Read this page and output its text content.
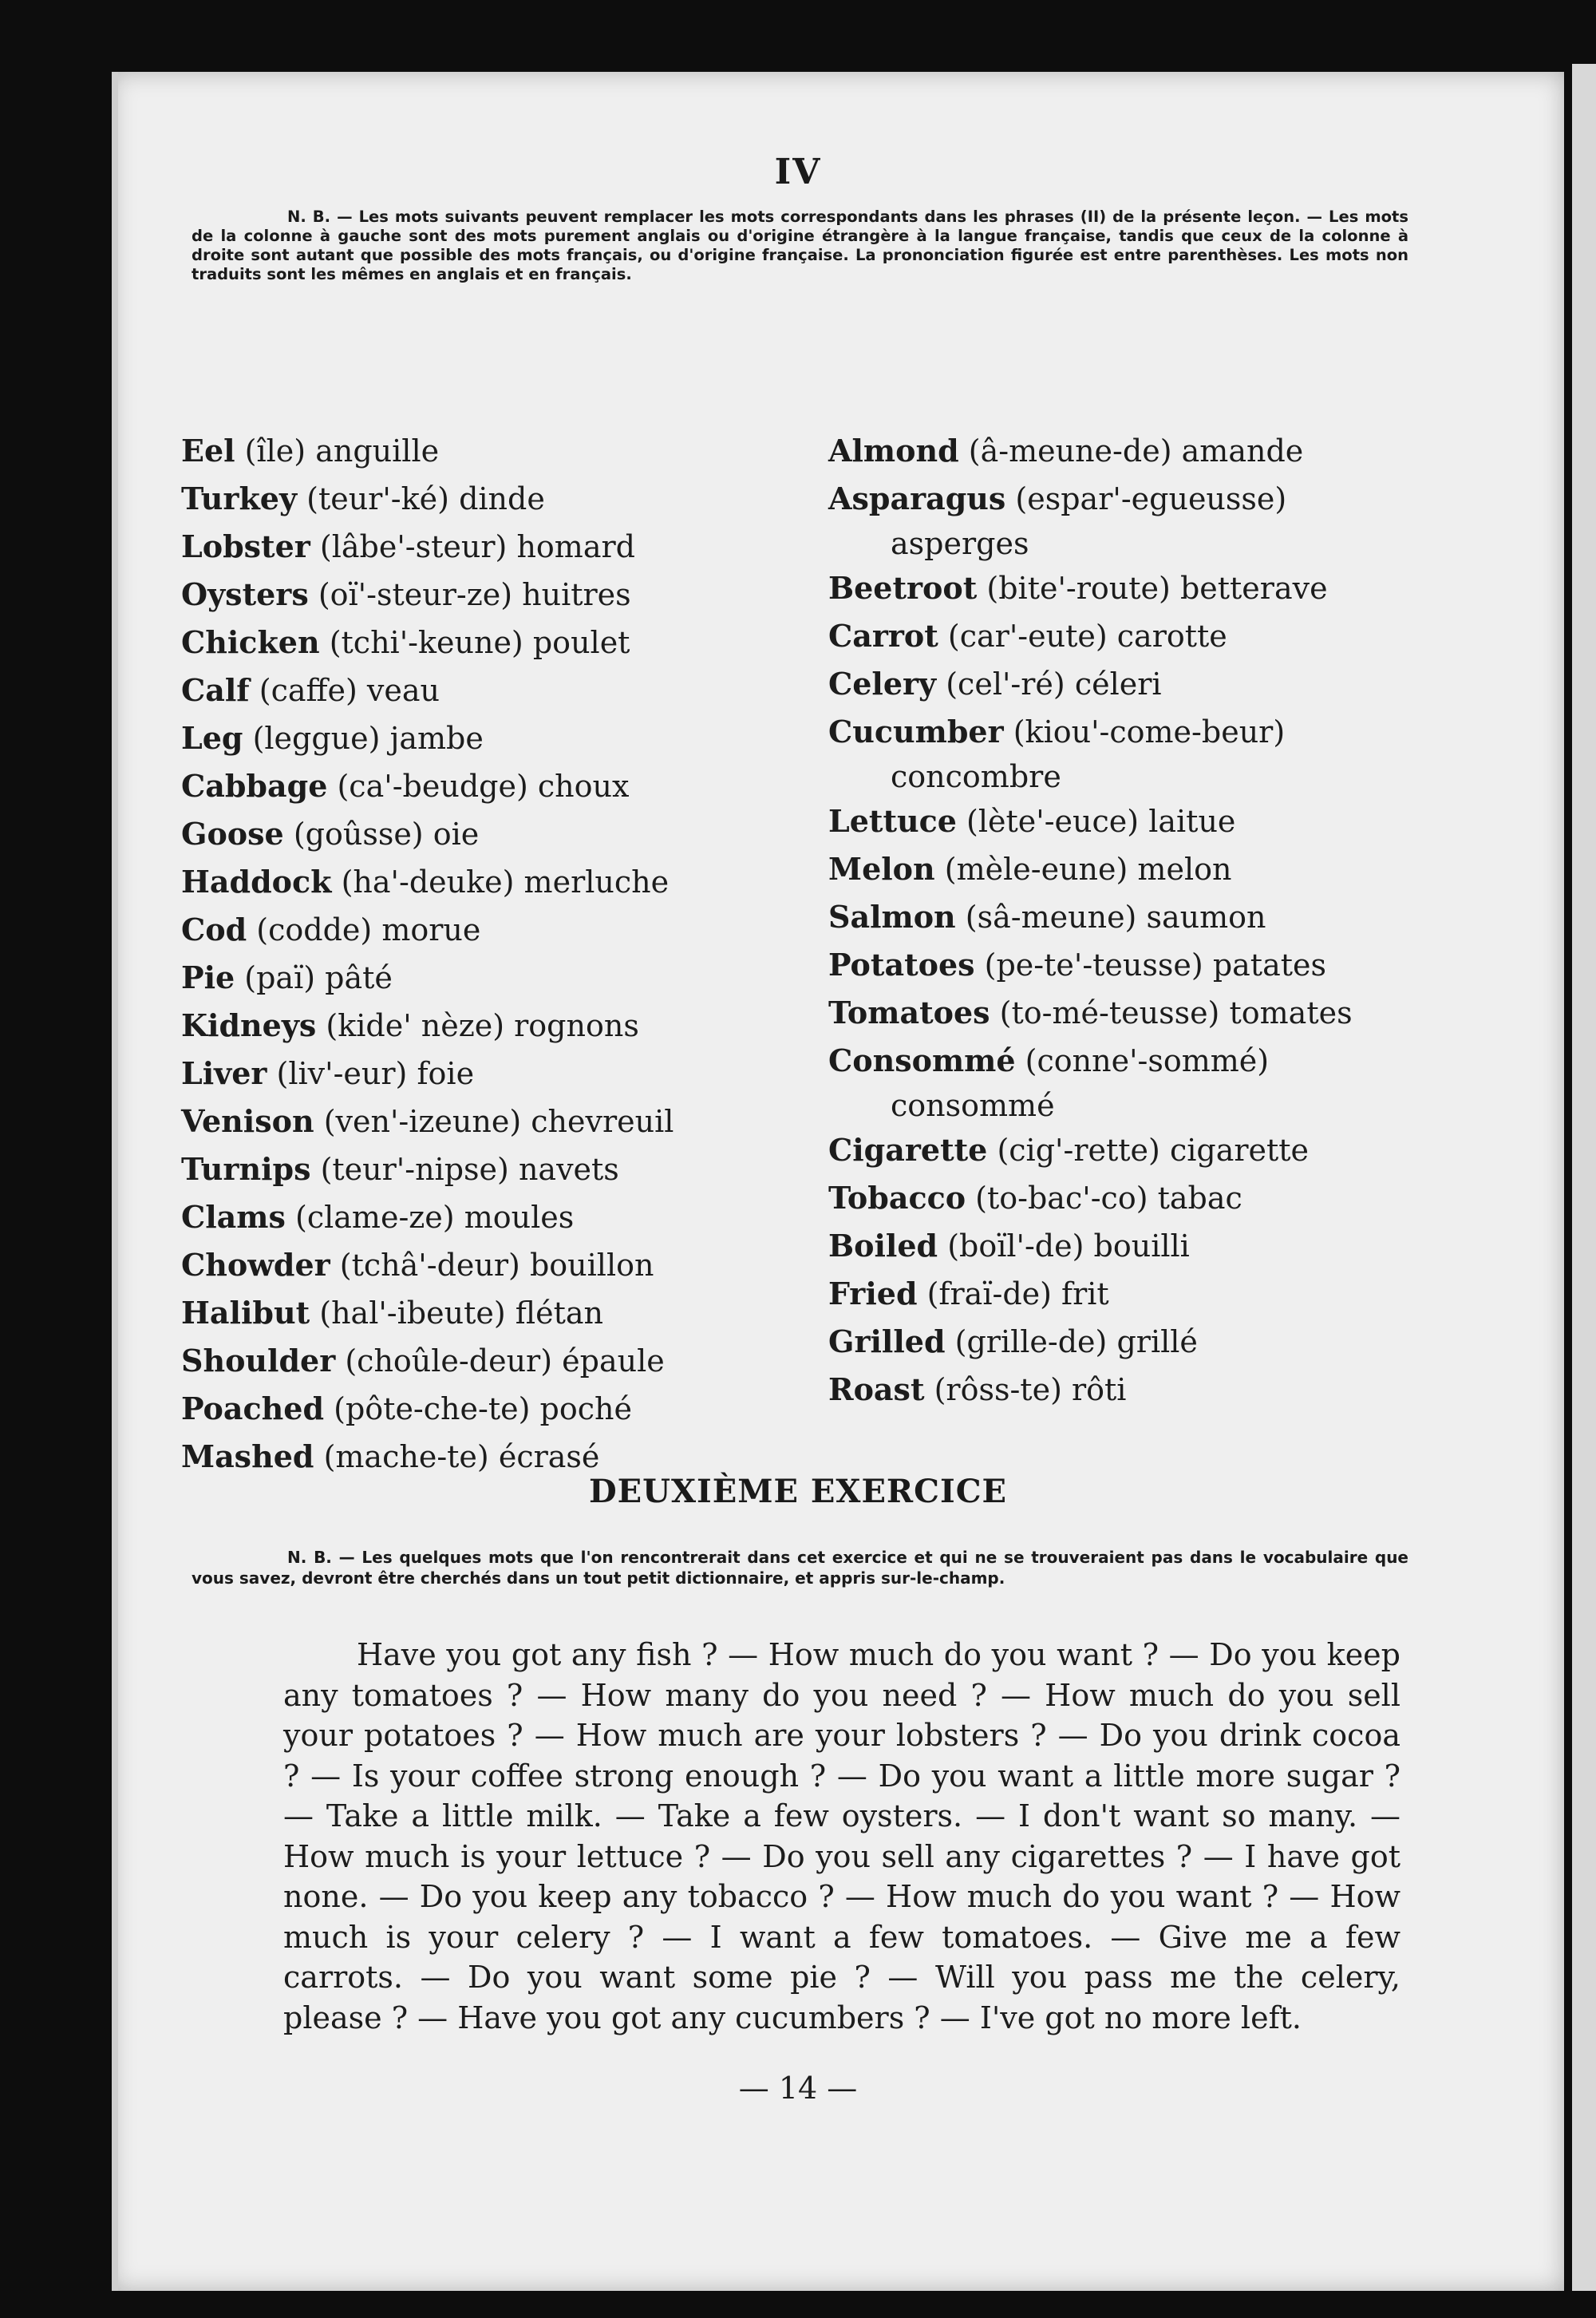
IV
N. B. — Les mots suivants peuvent remplacer les mots correspondants dans les phrases (II) de la présente leçon. — Les mots de la colonne à gauche sont des mots purement anglais ou d'origine étrangère à la langue française, tandis que ceux de la colonne à droite sont autant que possible des mots français, ou d'origine française. La prononciation figurée est entre parenthèses. Les mots non traduits sont les mêmes en anglais et en français.
Eel (île) anguille
Turkey (teur'-ké) dinde
Lobster (lâbe'-steur) homard
Oysters (oï'-steur-ze) huitres
Chicken (tchi'-keune) poulet
Calf (caffe) veau
Leg (leggue) jambe
Cabbage (ca'-beudge) choux
Goose (goûsse) oie
Haddock (ha'-deuke) merluche
Cod (codde) morue
Pie (paï) pâté
Kidneys (kide' nèze) rognons
Liver (liv'-eur) foie
Venison (ven'-izeune) chevreuil
Turnips (teur'-nipse) navets
Clams (clame-ze) moules
Chowder (tchâ'-deur) bouillon
Halibut (hal'-ibeute) flétan
Shoulder (choûle-deur) épaule
Poached (pôte-che-te) poché
Mashed (mache-te) écrasé
Almond (â-meune-de) amande
Asparagus (espar'-egueusse)
asperges
Beetroot (bite'-route) betterave
Carrot (car'-eute) carotte
Celery (cel'-ré) céleri
Cucumber (kiou'-come-beur)
concombre
Lettuce (lète'-euce) laitue
Melon (mèle-eune) melon
Salmon (sâ-meune) saumon
Potatoes (pe-te'-teusse) patates
Tomatoes (to-mé-teusse) tomates
Consommé (conne'-sommé)
consommé
Cigarette (cig'-rette) cigarette
Tobacco (to-bac'-co) tabac
Boiled (boïl'-de) bouilli
Fried (fraï-de) frit
Grilled (grille-de) grillé
Roast (rôss-te) rôti
DEUXIÈME EXERCICE
N. B. — Les quelques mots que l'on rencontrerait dans cet exercice et qui ne se trouveraient pas dans le vocabulaire que vous savez, devront être cherchés dans un tout petit dictionnaire, et appris sur-le-champ.
Have you got any fish ? — How much do you want ? — Do you keep any tomatoes ? — How many do you need ? — How much do you sell your potatoes ? — How much are your lobsters ? — Do you drink cocoa ? — Is your coffee strong enough ? — Do you want a little more sugar ? — Take a little milk. — Take a few oysters. — I don't want so many. — How much is your lettuce ? — Do you sell any cigarettes ? — I have got none. — Do you keep any tobacco ? — How much do you want ? — How much is your celery ? — I want a few tomatoes. — Give me a few carrots. — Do you want some pie ? — Will you pass me the celery, please ? — Have you got any cucumbers ? — I've got no more left.
— 14 —
